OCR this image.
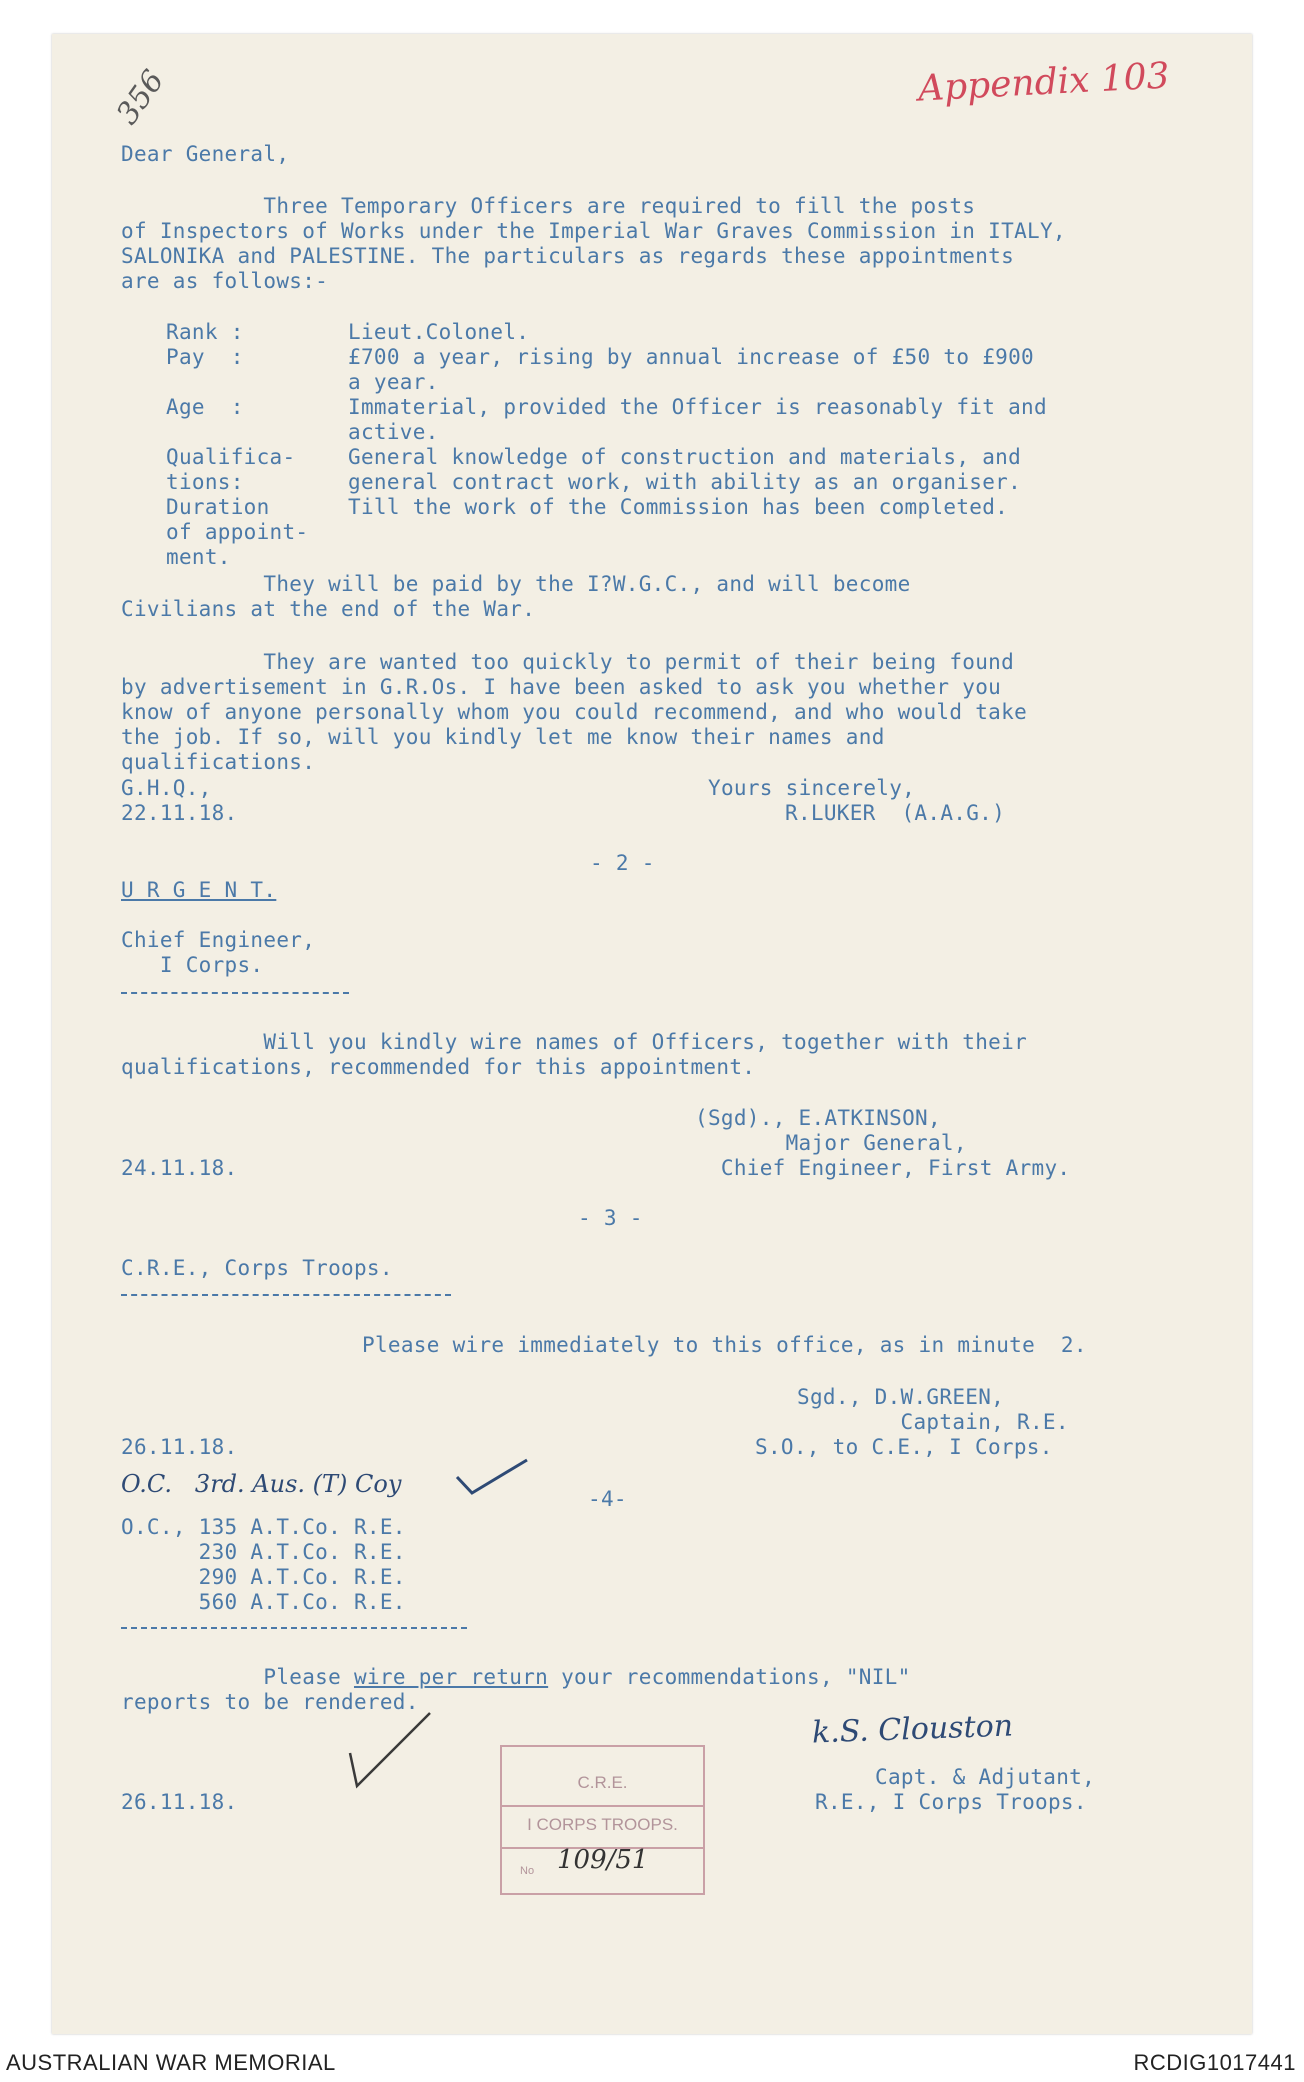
Appendix 103
356
Dear General,
Three Temporary Officers are required to fill the posts
of Inspectors of Works under the Imperial War Graves Commission in ITALY,
SALONIKA and PALESTINE. The particulars as regards these appointments
are as follows:-
Rank :	Lieut.Colonel.
Pay  :	£700 a year, rising by annual increase of £50 to £900
a year.
Age  :	Immaterial, provided the Officer is reasonably fit and
active.
Qualifica-	General knowledge of construction and materials, and
tions:	general contract work, with ability as an organiser.
Duration	Till the work of the Commission has been completed.
of appoint-
ment.
They will be paid by the I?W.G.C., and will become
Civilians at the end of the War.
They are wanted too quickly to permit of their being found
by advertisement in G.R.Os. I have been asked to ask you whether you
know of anyone personally whom you could recommend, and who would take
the job. If so, will you kindly let me know their names and
qualifications.
G.H.Q.,
22.11.18.
Yours sincerely,
R.LUKER  (A.A.G.)
- 2 -
U R G E N T.
Chief Engineer,
I Corps.
Will you kindly wire names of Officers, together with their
qualifications, recommended for this appointment.
(Sgd)., E.ATKINSON,
Major General,
Chief Engineer, First Army.
24.11.18.
- 3 -
C.R.E., Corps Troops.
Please wire immediately to this office, as in minute  2.
Sgd., D.W.GREEN,
Captain, R.E.
S.O., to C.E., I Corps.
26.11.18.
O.C.   3rd. Aus. (T) Coy
-4-
O.C., 135 A.T.Co. R.E.
230 A.T.Co. R.E.
290 A.T.Co. R.E.
560 A.T.Co. R.E.
Please wire per return your recommendations, "NIL"
reports to be rendered.
k.S. Clouston
Capt. & Adjutant,
R.E., I Corps Troops.
26.11.18.
C.R.E.
I CORPS TROOPS.
No 109/51
AUSTRALIAN WAR MEMORIAL	RCDIG1017441
